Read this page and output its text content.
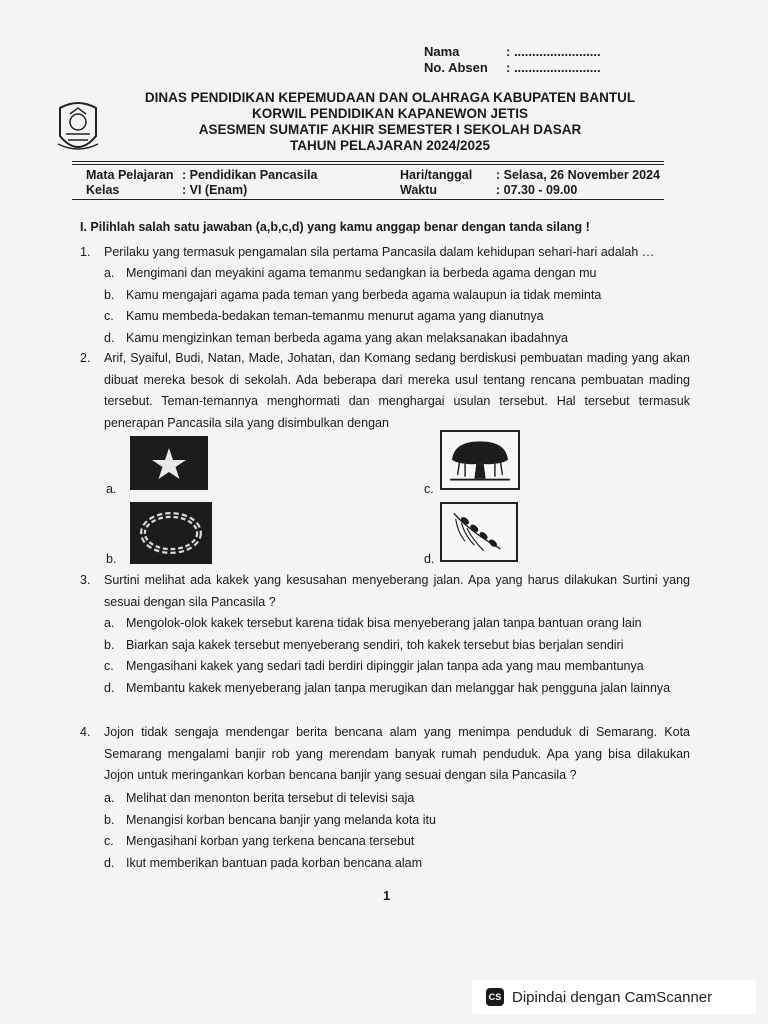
Nama	: ........................
No. Absen	: ........................
DINAS PENDIDIKAN KEPEMUDAAN DAN OLAHRAGA KABUPATEN BANTUL
KORWIL PENDIDIKAN KAPANEWON JETIS
ASESMEN SUMATIF AKHIR SEMESTER I SEKOLAH DASAR
TAHUN PELAJARAN 2024/2025
Mata Pelajaran : Pendidikan Pancasila	Hari/tanggal	: Selasa, 26 November 2024
Kelas	: VI (Enam)	Waktu	: 07.30 - 09.00
I. Pilihlah salah satu jawaban (a,b,c,d) yang kamu anggap benar dengan tanda silang !
1.	Perilaku yang termasuk pengamalan sila pertama Pancasila dalam kehidupan sehari-hari adalah …
a. Mengimani dan meyakini agama temanmu sedangkan ia berbeda agama dengan mu
b. Kamu mengajari agama pada teman yang berbeda agama walaupun ia tidak meminta
c. Kamu membeda-bedakan teman-temanmu menurut agama yang dianutnya
d. Kamu mengizinkan teman berbeda agama yang akan melaksanakan ibadahnya
2.	Arif, Syaiful, Budi, Natan, Made, Johatan, dan Komang sedang berdiskusi pembuatan mading yang akan dibuat mereka besok di sekolah. Ada beberapa dari mereka usul tentang rencana pembuatan mading tersebut. Teman-temannya menghormati dan menghargai usulan tersebut. Hal tersebut termasuk penerapan Pancasila sila yang disimbulkan dengan
a.
b.
c.
d.
3.	Surtini melihat ada kakek yang kesusahan menyeberang jalan. Apa yang harus dilakukan Surtini yang sesuai dengan sila Pancasila ?
a. Mengolok-olok kakek tersebut karena tidak bisa menyeberang jalan tanpa bantuan orang lain
b. Biarkan saja kakek tersebut menyeberang sendiri, toh kakek tersebut bias berjalan sendiri
c. Mengasihani kakek yang sedari tadi berdiri dipinggir jalan tanpa ada yang mau membantunya
d. Membantu kakek menyeberang jalan tanpa merugikan dan melanggar hak pengguna jalan lainnya
4.	Jojon tidak sengaja mendengar berita bencana alam yang menimpa penduduk di Semarang. Kota Semarang mengalami banjir rob yang merendam banyak rumah penduduk. Apa yang bisa dilakukan Jojon untuk meringankan korban bencana banjir yang sesuai dengan sila Pancasila ?
a. Melihat dan menonton berita tersebut di televisi saja
b. Menangisi korban bencana banjir yang melanda kota itu
c. Mengasihani korban yang terkena bencana tersebut
d. Ikut memberikan bantuan pada korban bencana alam
1
CS Dipindai dengan CamScanner
